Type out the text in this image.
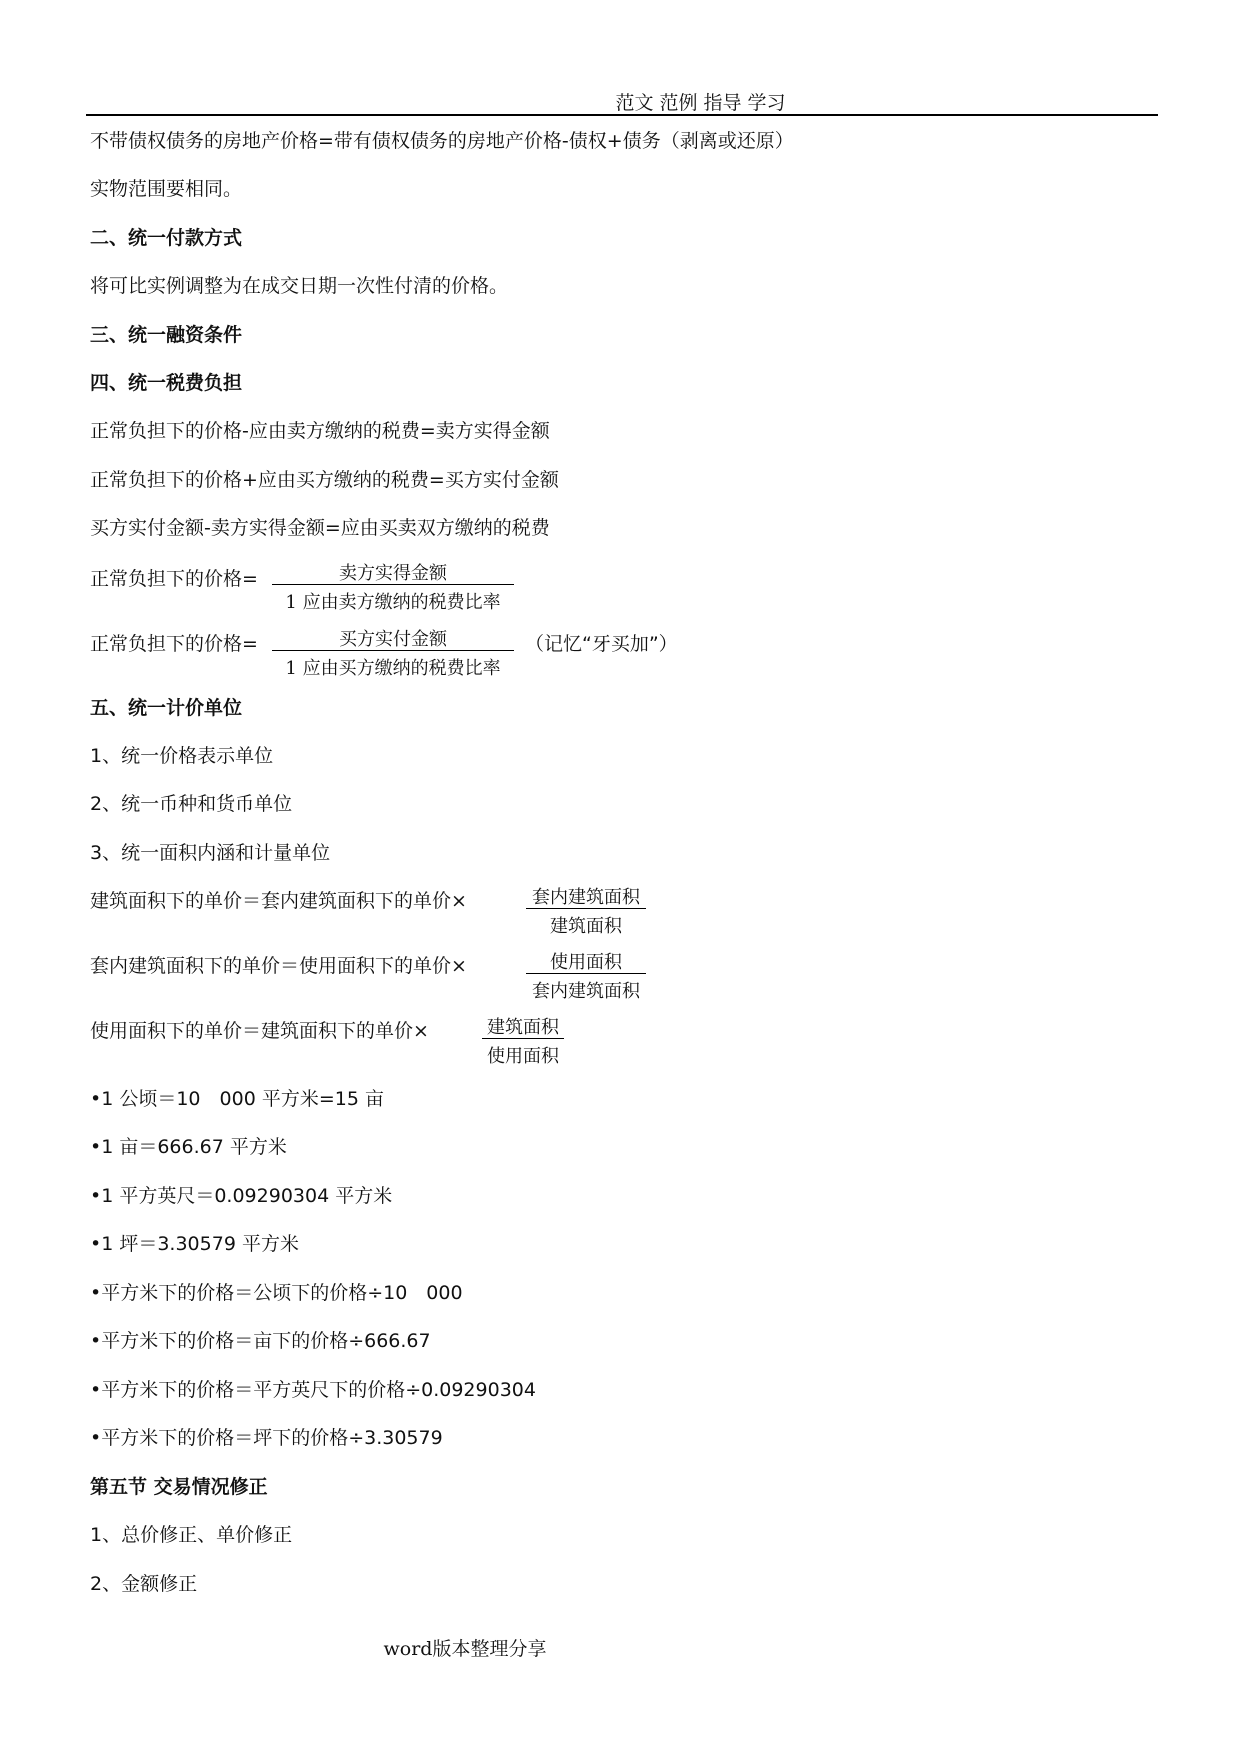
范文 范例 指导 学习
不带债权债务的房地产价格=带有债权债务的房地产价格-债权+债务（剥离或还原）
实物范围要相同。
二、统一付款方式
将可比实例调整为在成交日期一次性付清的价格。
三、统一融资条件
四、统一税费负担
正常负担下的价格-应由卖方缴纳的税费=卖方实得金额
正常负担下的价格+应由买方缴纳的税费=买方实付金额
买方实付金额-卖方实得金额=应由买卖双方缴纳的税费
正常负担下的价格=	卖方实得金额
1 应由卖方缴纳的税费比率
正常负担下的价格=	买方实付金额
1 应由买方缴纳的税费比率
（记忆“牙买加”）
五、统一计价单位
1、统一价格表示单位
2、统一币种和货币单位
3、统一面积内涵和计量单位
建筑面积下的单价＝套内建筑面积下的单价×	套内建筑面积
建筑面积
套内建筑面积下的单价＝使用面积下的单价×	使用面积
套内建筑面积
使用面积下的单价＝建筑面积下的单价×	建筑面积
使用面积
•1 公顷＝10　000 平方米=15 亩
•1 亩＝666.67 平方米
•1 平方英尺＝0.09290304 平方米
•1 坪＝3.30579 平方米
•平方米下的价格＝公顷下的价格÷10　000
•平方米下的价格＝亩下的价格÷666.67
•平方米下的价格＝平方英尺下的价格÷0.09290304
•平方米下的价格＝坪下的价格÷3.30579
第五节 交易情况修正
1、总价修正、单价修正
2、金额修正
word版本整理分享
